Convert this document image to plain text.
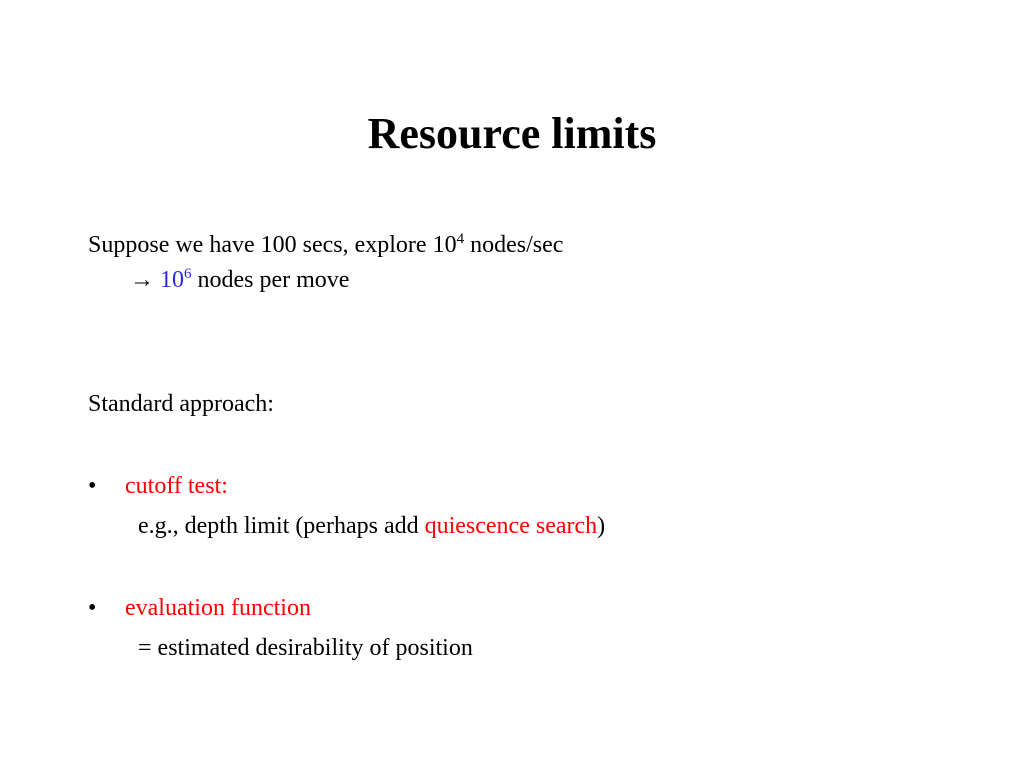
Resource limits
Suppose we have 100 secs, explore $10^4$ nodes/sec
→ $10^6$ nodes per move
Standard approach:
• cutoff test:
e.g., depth limit (perhaps add quiescence search)
• evaluation function
= estimated desirability of position
